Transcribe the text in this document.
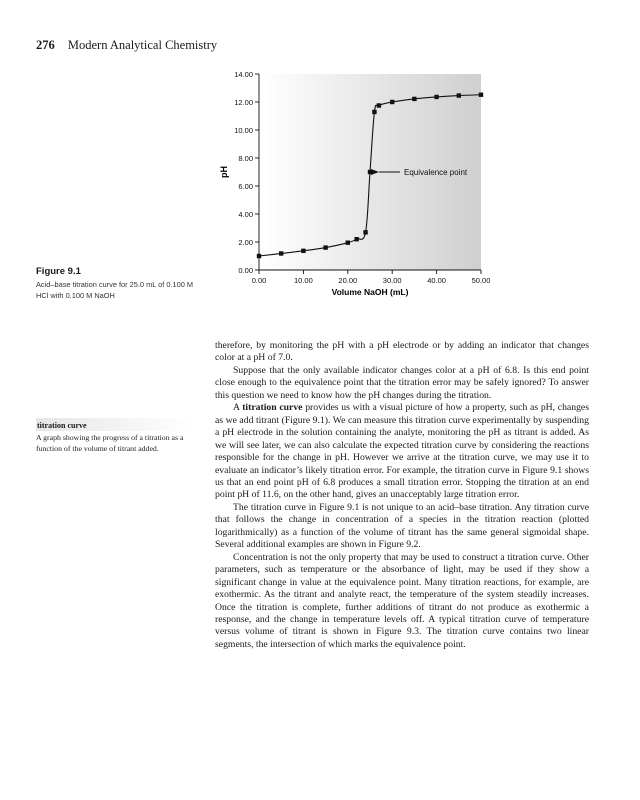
276 Modern Analytical Chemistry
0.00
2.00
4.00
6.00
8.00
10.00
12.00
14.00
0.00	10.00	20.00	30.00	40.00	50.00
pH
Volume NaOH (mL)
Equivalence point
Figure 9.1
Acid–base titration curve for 25.0 mL of 0.100 M HCl with 0.100 M NaOH
titration curve
A graph showing the progress of a titration as a function of the volume of titrant added.

therefore, by monitoring the pH with a pH electrode or by adding an indicator that changes color at a pH of 7.0.

Suppose that the only available indicator changes color at a pH of 6.8. Is this end point close enough to the equivalence point that the titration error may be safely ignored? To answer this question we need to know how the pH changes during the titration.

A titration curve provides us with a visual picture of how a property, such as pH, changes as we add titrant (Figure 9.1). We can measure this titration curve experimentally by suspending a pH electrode in the solution containing the analyte, monitoring the pH as titrant is added. As we will see later, we can also calculate the expected titration curve by considering the reactions responsible for the change in pH. However we arrive at the titration curve, we may use it to evaluate an indicator’s likely titration error. For example, the titration curve in Figure 9.1 shows us that an end point pH of 6.8 produces a small titration error. Stopping the titration at an end point pH of 11.6, on the other hand, gives an unacceptably large titration error.

The titration curve in Figure 9.1 is not unique to an acid–base titration. Any titration curve that follows the change in concentration of a species in the titration reaction (plotted logarithmically) as a function of the volume of titrant has the same general sigmoidal shape. Several additional examples are shown in Figure 9.2.

Concentration is not the only property that may be used to construct a titration curve. Other parameters, such as temperature or the absorbance of light, may be used if they show a significant change in value at the equivalence point. Many titration reactions, for example, are exothermic. As the titrant and analyte react, the temperature of the system steadily increases. Once the titration is complete, further additions of titrant do not produce as exothermic a response, and the change in temperature levels off. A typical titration curve of temperature versus volume of titrant is shown in Figure 9.3. The titration curve contains two linear segments, the intersection of which marks the equivalence point.
